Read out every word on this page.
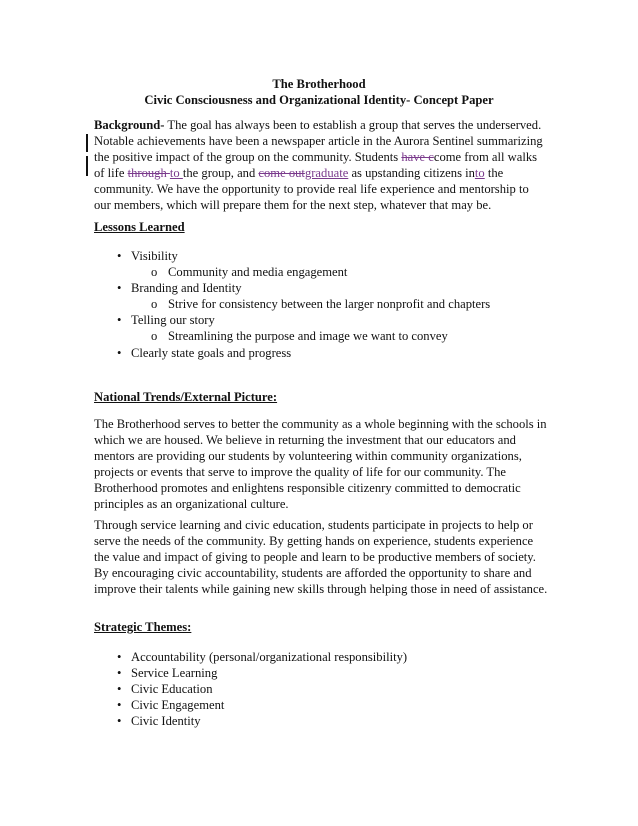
The Brotherhood
Civic Consciousness and Organizational Identity- Concept Paper
Background- The goal has always been to establish a group that serves the underserved.
Notable achievements have been a newspaper article in the Aurora Sentinel summarizing
the positive impact of the group on the community. Students have ccome from all walks
of life through to the group, and come outgraduate as upstanding citizens into the
community. We have the opportunity to provide real life experience and mentorship to
our members, which will prepare them for the next step, whatever that may be.
Lessons Learned
• Visibility
o Community and media engagement
• Branding and Identity
o Strive for consistency between the larger nonprofit and chapters
• Telling our story
o Streamlining the purpose and image we want to convey
• Clearly state goals and progress
National Trends/External Picture:
The Brotherhood serves to better the community as a whole beginning with the schools in
which we are housed. We believe in returning the investment that our educators and
mentors are providing our students by volunteering within community organizations,
projects or events that serve to improve the quality of life for our community. The
Brotherhood promotes and enlightens responsible citizenry committed to democratic
principles as an organizational culture.
Through service learning and civic education, students participate in projects to help or
serve the needs of the community. By getting hands on experience, students experience
the value and impact of giving to people and learn to be productive members of society.
By encouraging civic accountability, students are afforded the opportunity to share and
improve their talents while gaining new skills through helping those in need of assistance.
Strategic Themes:
• Accountability (personal/organizational responsibility)
• Service Learning
• Civic Education
• Civic Engagement
• Civic Identity
